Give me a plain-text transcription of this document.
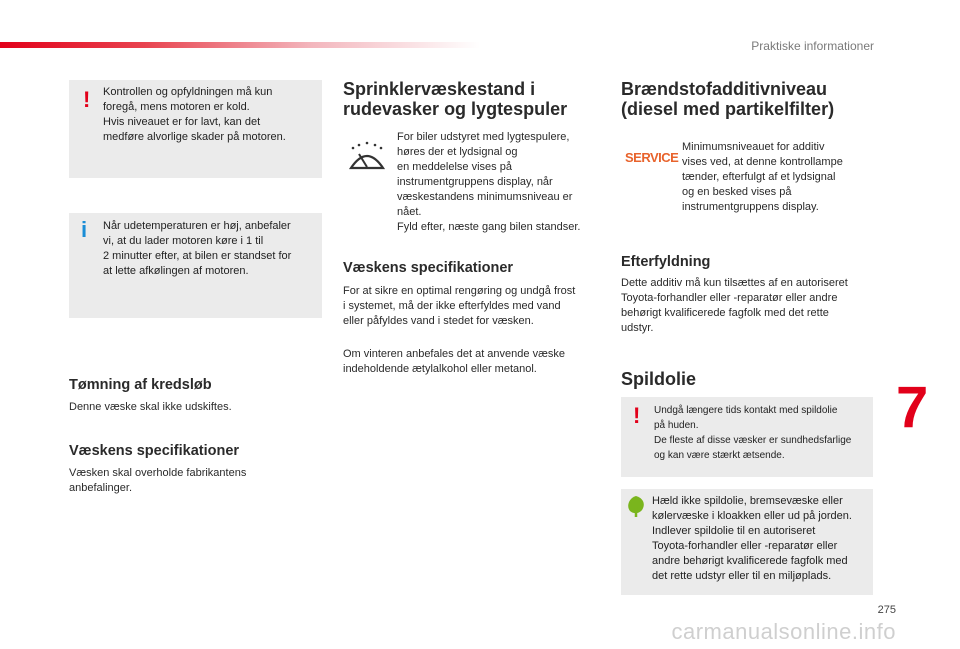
Praktiske informationer
! Kontrollen og opfyldningen må kun

foregå, mens motoren er kold.

Hvis niveauet er for lavt, kan det

medføre alvorlige skader på motoren.

i Når udetemperaturen er høj, anbefaler

vi, at du lader motoren køre i 1 til

2 minutter efter, at bilen er standset for

at lette afkølingen af motoren.

Tømning af kredsløb

Denne væske skal ikke udskiftes.

Væskens specifikationer

Væsken skal overholde fabrikantens

anbefalinger.

Sprinklervæskestand i
rudevasker og lygtespuler

For biler udstyret med lygtespulere,

høres der et lydsignal og

en meddelelse vises på

instrumentgruppens display, når

væskestandens minimumsniveau er

nået.

Fyld efter, næste gang bilen standser.

Væskens specifikationer

For at sikre en optimal rengøring og undgå frost

i systemet, må der ikke efterfyldes med vand

eller påfyldes vand i stedet for væsken.

Om vinteren anbefales det at anvende væske

indeholdende ætylalkohol eller metanol.

Brændstofadditivniveau
(diesel med partikelfilter)
SERVICE

Minimumsniveauet for additiv

vises ved, at denne kontrollampe

tænder, efterfulgt af et lydsignal

og en besked vises på

instrumentgruppens display.

Efterfyldning

Dette additiv må kun tilsættes af en autoriseret

Toyota-forhandler eller -reparatør eller andre

behørigt kvalificerede fagfolk med det rette

udstyr.

Spildolie
! Undgå længere tids kontakt med spildolie

på huden.

De fleste af disse væsker er sundhedsfarlige

og kan være stærkt ætsende.

Hæld ikke spildolie, bremsevæske eller

kølervæske i kloakken eller ud på jorden.

Indlever spildolie til en autoriseret

Toyota-forhandler eller -reparatør eller

andre behørigt kvalificerede fagfolk med

det rette udstyr eller til en miljøplads.

7
275
carmanualsonline.info
